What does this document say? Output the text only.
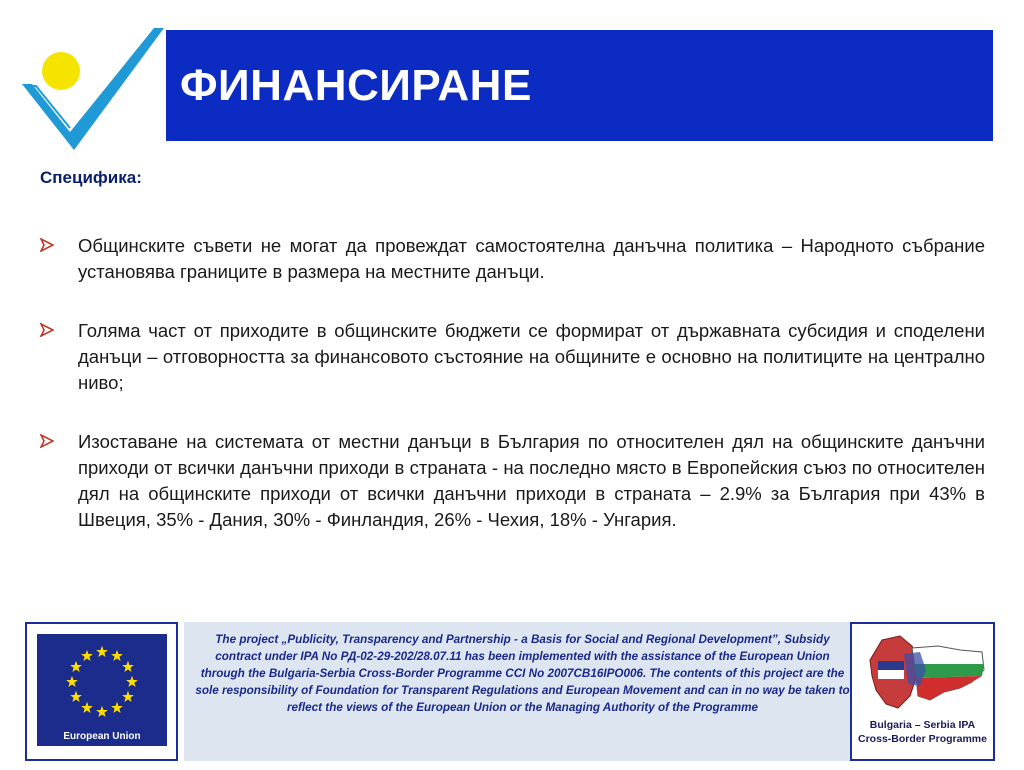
ФИНАНСИРАНЕ
Специфика:
Общинските съвети не могат да провеждат самостоятелна данъчна политика – Народното събрание установява границите в размера на местните данъци.
Голяма част от приходите в общинските бюджети се формират от държавната субсидия и споделени данъци – отговорността за финансовото състояние на общините е основно на политиците на централно ниво;
Изоставане на системата от местни данъци в България по относителен дял на общинските данъчни приходи от всички данъчни приходи в страната - на последно място в Европейския съюз по относителен дял на общинските приходи от всички данъчни приходи в страната – 2.9% за България при 43% в Швеция, 35% - Дания, 30% - Финландия, 26% - Чехия, 18% - Унгария.
European Union
The project „Publicity, Transparency and Partnership - a Basis for Social and Regional Development”, Subsidy contract under IPA No РД-02-29-202/28.07.11 has been implemented with the assistance of the European Union through the Bulgaria-Serbia Cross-Border Programme CCI No 2007CB16IPO006. The contents of this project are the sole responsibility of Foundation for Transparent Regulations and European Movement and can in no way be taken to reflect the views of the European Union or the Managing Authority of the Programme
Bulgaria – Serbia IPA
Cross-Border Programme
